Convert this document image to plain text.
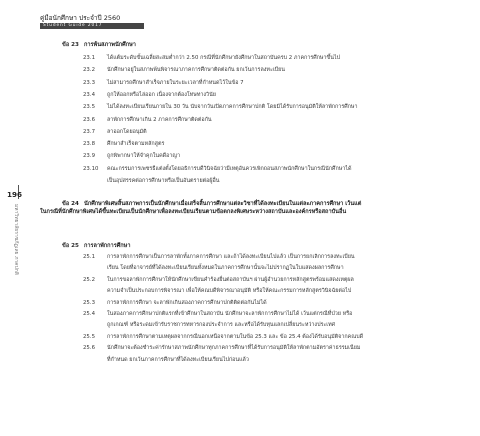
คู่มือนักศึกษา ประจำปี 2560
Student Guide 2017
196
มหาวิทยาลัยราชภัฏเลย ภาคปกติ
ข้อ 23 การพ้นสภาพนักศึกษา
23.1 ได้แต้มระดับขั้นเฉลี่ยสะสมต่ำกว่า 2.50 กรณีที่นักศึกษายังศึกษาในสถาบันครบ 2 ภาคการศึกษาขึ้นไป
23.2 นักศึกษาอยู่ในสภาพพ้นพิจารณาภาคการศึกษาติดต่อกัน ยกเว้นการลงทะเบียน
23.3 ไม่สามารถศึกษาสำเร็จภายในระยะเวลาที่กำหนดไว้ในข้อ 7
23.4 ถูกให้ออกหรือไล่ออก เนื่องจากต้องโทษทางวินัย
23.5 ไม่ได้ลงทะเบียนเรียนภายใน 30 วัน นับจากวันเปิดภาคการศึกษาปกติ โดยมิได้รับการอนุมัติให้ลาพักการศึกษา
23.6 ลาพักการศึกษาเกิน 2 ภาคการศึกษาติดต่อกัน
23.7 ลาออกโดยอนุมัติ
23.8 ศึกษาสำเร็จตามหลักสูตร
23.9 ถูกพิพากษาให้จำคุกในคดีอาญา
23.10 คณะกรรมการเพชรธีแต่งตั้งโดยอธิการบดีวินิจฉัยว่ามีเหตุอันควรเพิกถอนสภาพนักศึกษาในกรณีนักศึกษาได้
เป็นอุปสรรคต่อการศึกษาหรือเป็นอันตรายต่อผู้อื่น
ข้อ 24 นักศึกษาพิเศษสิ้นสภาพการเป็นนักศึกษาเมื่อเสร็จสิ้นการศึกษาแต่ละวิชาที่ได้ลงทะเบียนในแต่ละภาคการศึกษา เว้นแต่
ในกรณีที่นักศึกษาพิเศษได้ขึ้นทะเบียนเป็นนักศึกษาเพื่อลงทะเบียนเรียนตามข้อตกลงพิเศษระหว่างสถาบันและองค์กรหรือสถาบันอื่น
ข้อ 25 การลาพักการศึกษา
25.1 การลาพักการศึกษาเป็นการลาพักทั้งภาคการศึกษา และถ้าได้ลงทะเบียนไปแล้ว เป็นการยกเลิกการลงทะเบียน
เรียน โดยที่อาจารย์ที่ได้ลงทะเบียนเรียนทั้งหมดในภาคการศึกษานั้นจะไม่ปรากฏในใบแสดงผลการศึกษา
25.2 ในการขอลาพักการศึกษาให้นักศึกษาเขียนคำร้องยื่นต่อสถาบันฯ ผ่านผู้อำนวยการหลักสูตรพร้อมแสดงเหตุผล
ความจำเป็นประกอบการพิจารณา เพื่อให้คณบดีพิจารณาอนุมัติ หรือให้คณะกรรมการหลักสูตรวินิจฉัยต่อไป
25.3 การลาพักการศึกษา จะลาพักเกินสองภาคการศึกษาปกติติดต่อกันไม่ได้
25.4 ในสองภาคการศึกษาปกติแรกที่เข้าศึกษาในสถาบัน นักศึกษาจะลาพักการศึกษาไม่ได้ เว้นแต่กรณีที่ป่วย หรือ
ถูกเกณฑ์ หรือระดมเข้ารับราชการทหารกองประจำการ และหรือได้รับทุนแลกเปลี่ยนระหว่างประเทศ
25.5 การลาพักการศึกษาตามเหตุผลจากกรณีนอกเหนือจากตามในข้อ 25.3 และ ข้อ 25.4 ต้องได้รับอนุมัติจากคณบดี
25.6 นักศึกษาจะต้องชำระค่ารักษาสภาพนักศึกษาทุกภาคการศึกษาที่ได้รับการอนุมัติให้ลาพักตามอัตราค่าธรรมเนียม
ที่กำหนด ยกเว้นภาคการศึกษาที่ได้ลงทะเบียนเรียนไปก่อนแล้ว
